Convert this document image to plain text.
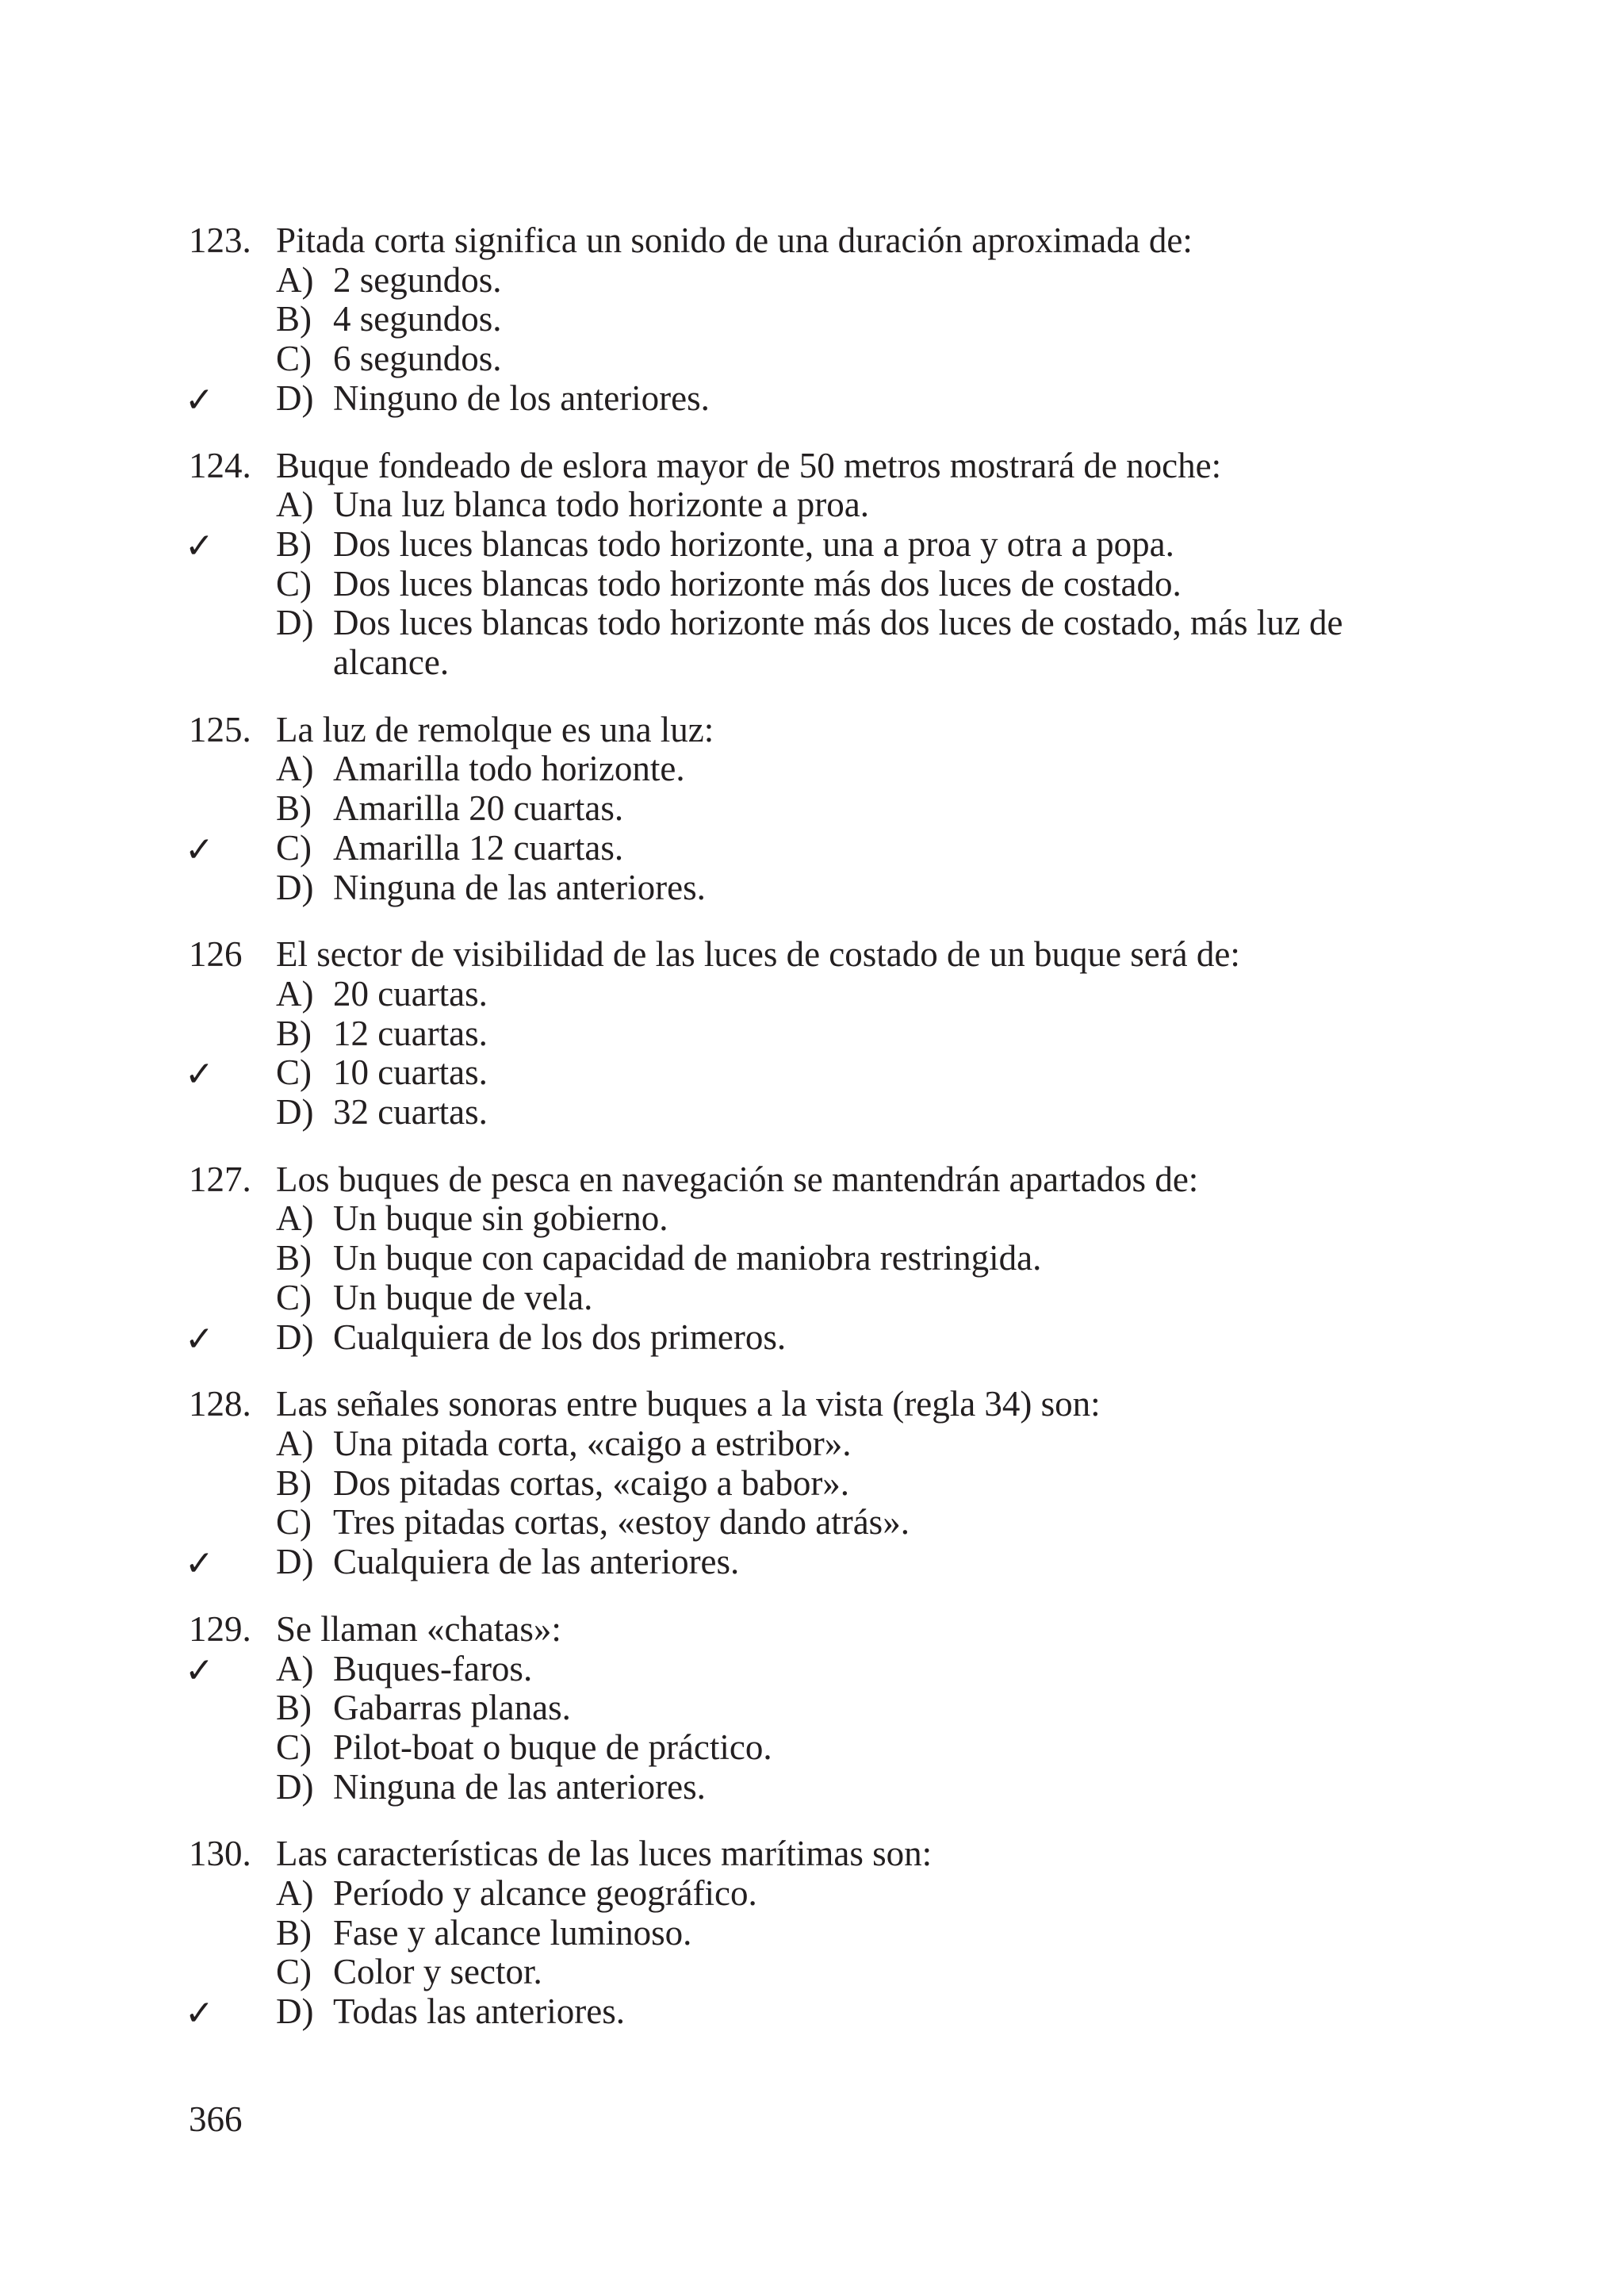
123. Pitada corta significa un sonido de una duración aproximada de:
A) 2 segundos.
B) 4 segundos.
C) 6 segundos.
✓ D) Ninguno de los anteriores.
124. Buque fondeado de eslora mayor de 50 metros mostrará de noche:
A) Una luz blanca todo horizonte a proa.
✓ B) Dos luces blancas todo horizonte, una a proa y otra a popa.
C) Dos luces blancas todo horizonte más dos luces de costado.
D) Dos luces blancas todo horizonte más dos luces de costado, más luz de alcance.
125. La luz de remolque es una luz:
A) Amarilla todo horizonte.
B) Amarilla 20 cuartas.
✓ C) Amarilla 12 cuartas.
D) Ninguna de las anteriores.
126 El sector de visibilidad de las luces de costado de un buque será de:
A) 20 cuartas.
B) 12 cuartas.
✓ C) 10 cuartas.
D) 32 cuartas.
127. Los buques de pesca en navegación se mantendrán apartados de:
A) Un buque sin gobierno.
B) Un buque con capacidad de maniobra restringida.
C) Un buque de vela.
✓ D) Cualquiera de los dos primeros.
128. Las señales sonoras entre buques a la vista (regla 34) son:
A) Una pitada corta, «caigo a estribor».
B) Dos pitadas cortas, «caigo a babor».
C) Tres pitadas cortas, «estoy dando atrás».
✓ D) Cualquiera de las anteriores.
129. Se llaman «chatas»:
✓ A) Buques-faros.
B) Gabarras planas.
C) Pilot-boat o buque de práctico.
D) Ninguna de las anteriores.
130. Las características de las luces marítimas son:
A) Período y alcance geográfico.
B) Fase y alcance luminoso.
C) Color y sector.
✓ D) Todas las anteriores.
366
